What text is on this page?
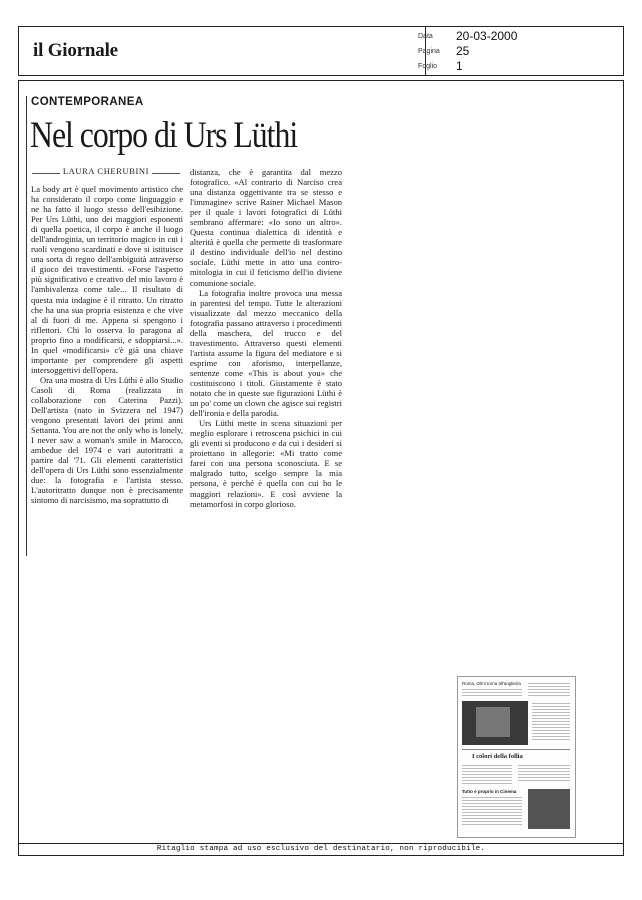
il Giornale
Data 20-03-2000
Pagina 25
Foglio 1
CONTEMPORANEA
Nel corpo di Urs Lüthi
LAURA CHERUBINI

La body art è quel movimento artistico che ha considerato il corpo come linguaggio e ne ha fatto il luogo stesso dell'esibizione. Per Urs Lüthi, uno dei maggiori esponenti di quella poetica, il corpo è anche il luogo dell'androginia, un territorio magico in cui i ruoli vengono scardinati e dove si istituisce una sorta di regno dell'ambiguità attraverso il gioco dei travestimenti. «Forse l'aspetto più significativo e creativo del mio lavoro è l'ambivalenza come tale... Il risultato di questa mia indagine è il ritratto. Un ritratto che ha una sua propria esistenza e che vive al di fuori di me. Appena si spengono i riflettori. Chi lo osserva lo paragona al proprio fino a modificarsi, e sdoppiarsi...». In quel «modificarsi» c'è già una chiave importante per comprendere gli aspetti intersoggettivi dell'opera.

Ora una mostra di Urs Lüthi è allo Studio Casoli di Roma (realizzata in collaborazione con Caterina Pazzi). Dell'artista (nato in Svizzera nel 1947) vengono presentati lavori dei primi anni Settanta. You are not the only who is lonely, I never saw a woman's smile in Marocco, ambedue del 1974 e vari autoritratti a partire dal '71. Gli elementi caratteristici dell'opera di Urs Lüthi sono essenzialmente due: la fotografia e l'artista stesso. L'autoritratto dunque non è precisamente sintomo di narcisismo, ma soprattutto di

distanza, che è garantita dal mezzo fotografico. «Al contrario di Narciso crea una distanza oggettivante tra se stesso e l'immagine» scrive Rainer Michael Mason per il quale i lavori fotografici di Lüthi sembrano affermare: «Io sono un altro». Questa continua dialettica di identità e alterità è quella che permette di trasformare il destino individuale dell'io nel destino sociale. Lüthi mette in atto una contro-mitologia in cui il feticismo dell'io diviene comunione sociale.

La fotografia inoltre provoca una messa in parentesi del tempo. Tutte le alterazioni visualizzate dal mezzo meccanico della fotografia passano attraverso i procedimenti della maschera, del trucco e del travestimento. Attraverso questi elementi l'artista assume la figura del mediatore e si esprime con aforismo, interpellanze, sentenze come «This is about you» che costituiscono i titoli. Giustamente è stato notato che in queste sue figurazioni Lüthi è un po' come un clown che agisce sui registri dell'ironia e della parodia.

Urs Lüthi mette in scena situazioni per meglio esplorare i retroscena psichici in cui gli eventi si producono e da cui i desideri si proiettano in allegorie: «Mi tratto come farei con una persona sconosciuta. E se malgrado tutto, scelgo sempre la mia persona, è perché è quella con cui ho le maggiori relazioni». E così avviene la metamorfosi in corpo glorioso.

Roma, Olmi torna all'anglieria
I colori della follia
Tutto e proprio in Cinema
Ritaglio stampa ad uso esclusivo del destinatario, non riproducibile.
